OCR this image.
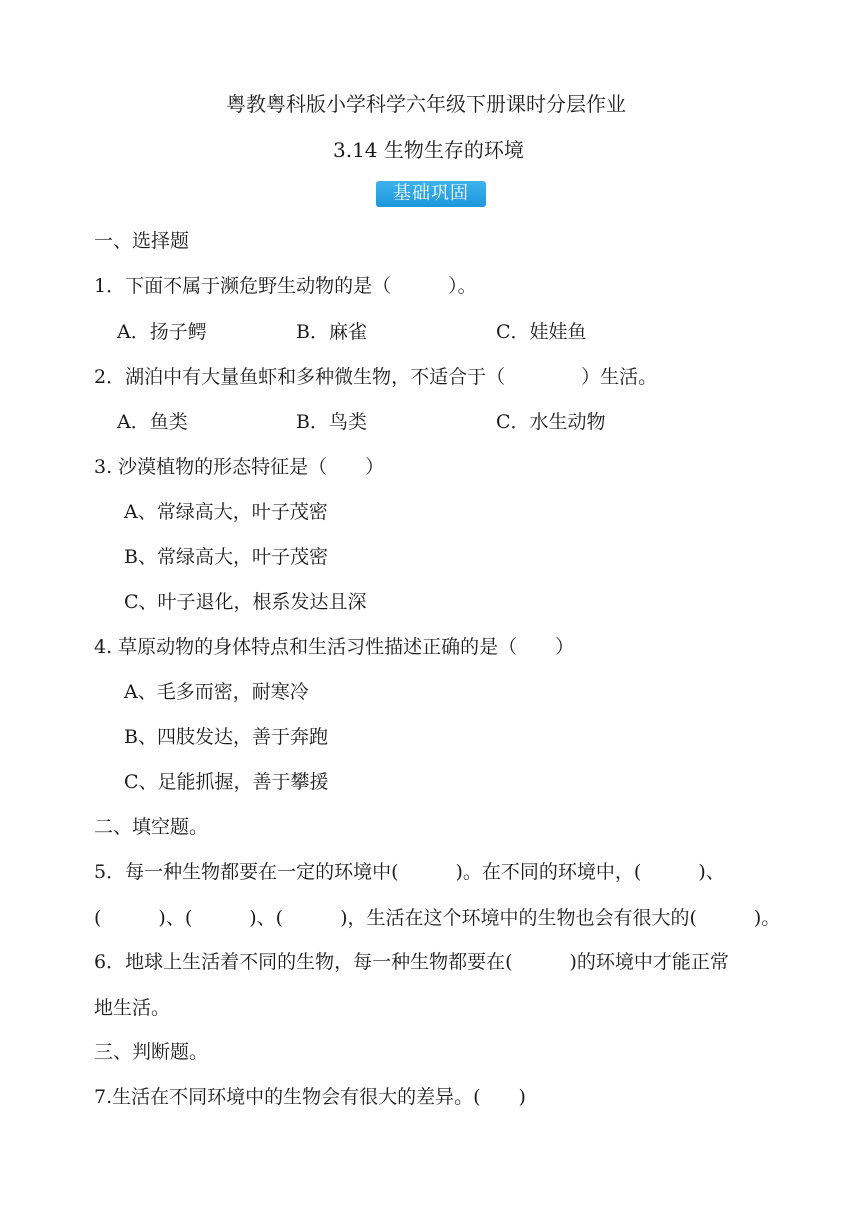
粤教粤科版小学科学六年级下册课时分层作业
3.14 生物生存的环境
基础巩固
一、选择题
1．下面不属于濒危野生动物的是（　　　）。
A．扬子鳄	B．麻雀	C．娃娃鱼
2．湖泊中有大量鱼虾和多种微生物，不适合于（　　　　）生活。
A．鱼类	B．鸟类	C．水生动物
3. 沙漠植物的形态特征是（　　）
A、常绿高大，叶子茂密
B、常绿高大，叶子茂密
C、叶子退化，根系发达且深
4. 草原动物的身体特点和生活习性描述正确的是（　　）
A、毛多而密，耐寒冷
B、四肢发达，善于奔跑
C、足能抓握，善于攀援
二、填空题。
5．每一种生物都要在一定的环境中(　　　)。在不同的环境中，(　　　)、
(　　　)、(　　　)、(　　　)，生活在这个环境中的生物也会有很大的(　　　)。
6．地球上生活着不同的生物，每一种生物都要在(　　　)的环境中才能正常
地生活。
三、判断题。
7.生活在不同环境中的生物会有很大的差异。(　　)
